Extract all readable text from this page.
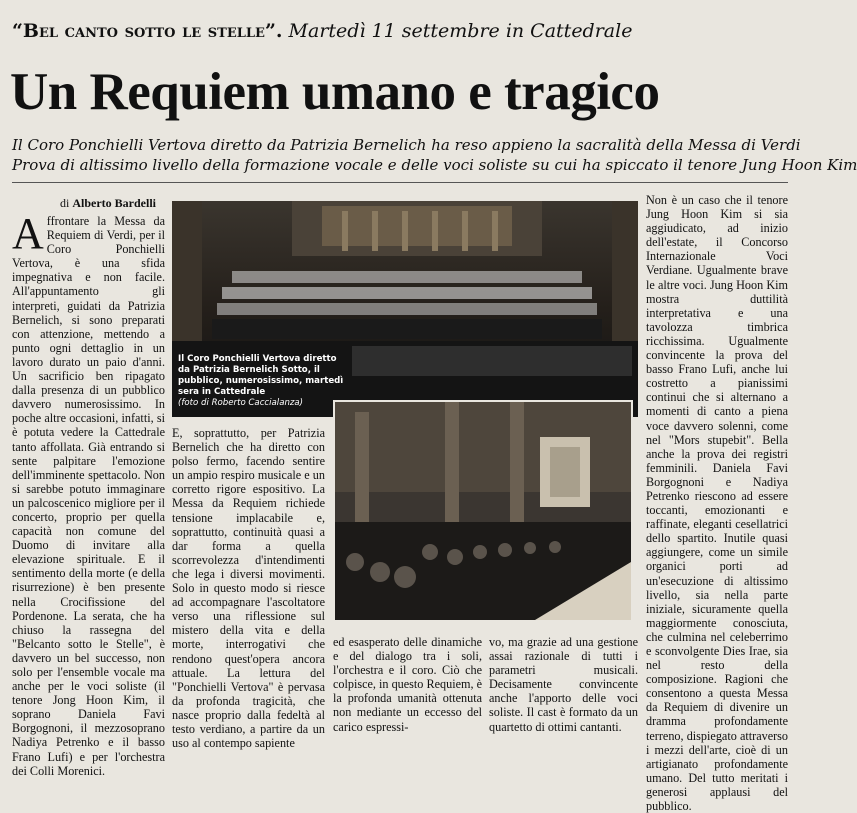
“Bel canto sotto le stelle”. Martedì 11 settembre in Cattedrale
Un Requiem umano e tragico
Il Coro Ponchielli Vertova diretto da Patrizia Bernelich ha reso appieno la sacralità della Messa di Verdi
Prova di altissimo livello della formazione vocale e delle voci soliste su cui ha spiccato il tenore Jung Hoon Kim
di Alberto Bardelli
Affrontare la Messa da Requiem di Verdi, per il Coro Ponchielli Vertova, è una sfida impegnativa e non facile. All'appuntamento gli interpreti, guidati da Patrizia Bernelich, si sono preparati con attenzione, mettendo a punto ogni dettaglio in un lavoro durato un paio d'anni. Un sacrificio ben ripagato dalla presenza di un pubblico davvero numerosissimo. In poche altre occasioni, infatti, si è potuta vedere la Cattedrale tanto affollata. Già entrando si sente palpitare l'emozione dell'imminente spettacolo. Non si sarebbe potuto immaginare un palcoscenico migliore per il concerto, proprio per quella capacità non comune del Duomo di invitare alla elevazione spirituale. E il sentimento della morte (e della risurrezione) è ben presente nella Crocifissione del Pordenone. La serata, che ha chiuso la rassegna del "Belcanto sotto le Stelle", è davvero un bel successo, non solo per l'ensemble vocale ma anche per le voci soliste (il tenore Jong Hoon Kim, il soprano Daniela Favi Borgognoni, il mezzosoprano Nadiya Petrenko e il basso Frano Lufi) e per l'orchestra dei Colli Morenici.
Il Coro Ponchielli Vertova diretto da Patrizia Bernelich Sotto, il pubblico, numerosissimo, martedì sera in Cattedrale
(foto di Roberto Caccialanza)
E, soprattutto, per Patrizia Bernelich che ha diretto con polso fermo, facendo sentire un ampio respiro musicale e un corretto rigore espositivo. La Messa da Requiem richiede tensione implacabile e, soprattutto, continuità quasi a dar forma a quella scorrevolezza d'intendimenti che lega i diversi movimenti. Solo in questo modo si riesce ad accompagnare l'ascoltatore verso una riflessione sul mistero della vita e della morte, interrogativi che rendono quest'opera ancora attuale. La lettura del "Ponchielli Vertova" è pervasa da profonda tragicità, che nasce proprio dalla fedeltà al testo verdiano, a partire da un uso al contempo sapiente
ed esasperato delle dinamiche e del dialogo tra i soli, l'orchestra e il coro. Ciò che colpisce, in questo Requiem, è la profonda umanità ottenuta non mediante un eccesso del carico espressi-
vo, ma grazie ad una gestione assai razionale di tutti i parametri musicali. Decisamente convincente anche l'apporto delle voci soliste. Il cast è formato da un quartetto di ottimi cantanti.
Non è un caso che il tenore Jung Hoon Kim si sia aggiudicato, ad inizio dell'estate, il Concorso Internazionale Voci Verdiane. Ugualmente brave le altre voci. Jung Hoon Kim mostra duttilità interpretativa e una tavolozza timbrica ricchissima. Ugualmente convincente la prova del basso Frano Lufi, anche lui costretto a pianissimi continui che si alternano a momenti di canto a piena voce davvero solenni, come nel "Mors stupebit". Bella anche la prova dei registri femminili. Daniela Favi Borgognoni e Nadiya Petrenko riescono ad essere toccanti, emozionanti e raffinate, eleganti cesellatrici dello spartito. Inutile quasi aggiungere, come un simile organici porti ad un'esecuzione di altissimo livello, sia nella parte iniziale, sicuramente quella maggiormente conosciuta, che culmina nel celeberrimo e sconvolgente Dies Irae, sia nel resto della composizione. Ragioni che consentono a questa Messa da Requiem di divenire un dramma profondamente terreno, dispiegato attraverso i mezzi dell'arte, cioè di un artigianato profondamente umano. Del tutto meritati i generosi applausi del pubblico.
